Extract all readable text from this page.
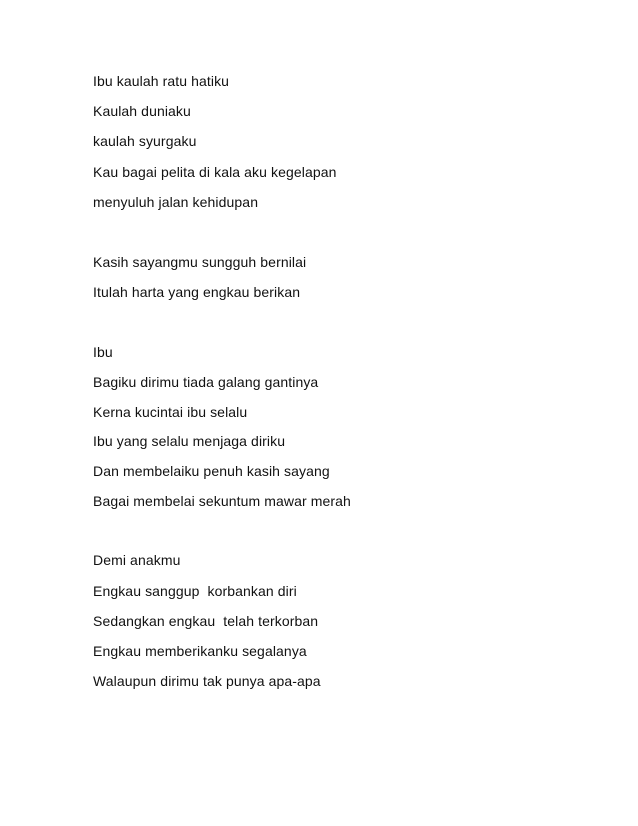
Ibu kaulah ratu hatiku
Kaulah duniaku
kaulah syurgaku
Kau bagai pelita di kala aku kegelapan
menyuluh jalan kehidupan
Kasih sayangmu sungguh bernilai
Itulah harta yang engkau berikan
Ibu
Bagiku dirimu tiada galang gantinya
Kerna kucintai ibu selalu
Ibu yang selalu menjaga diriku
Dan membelaiku penuh kasih sayang
Bagai membelai sekuntum mawar merah
Demi anakmu
Engkau sanggup  korbankan diri
Sedangkan engkau  telah terkorban
Engkau memberikanku segalanya
Walaupun dirimu tak punya apa-apa
